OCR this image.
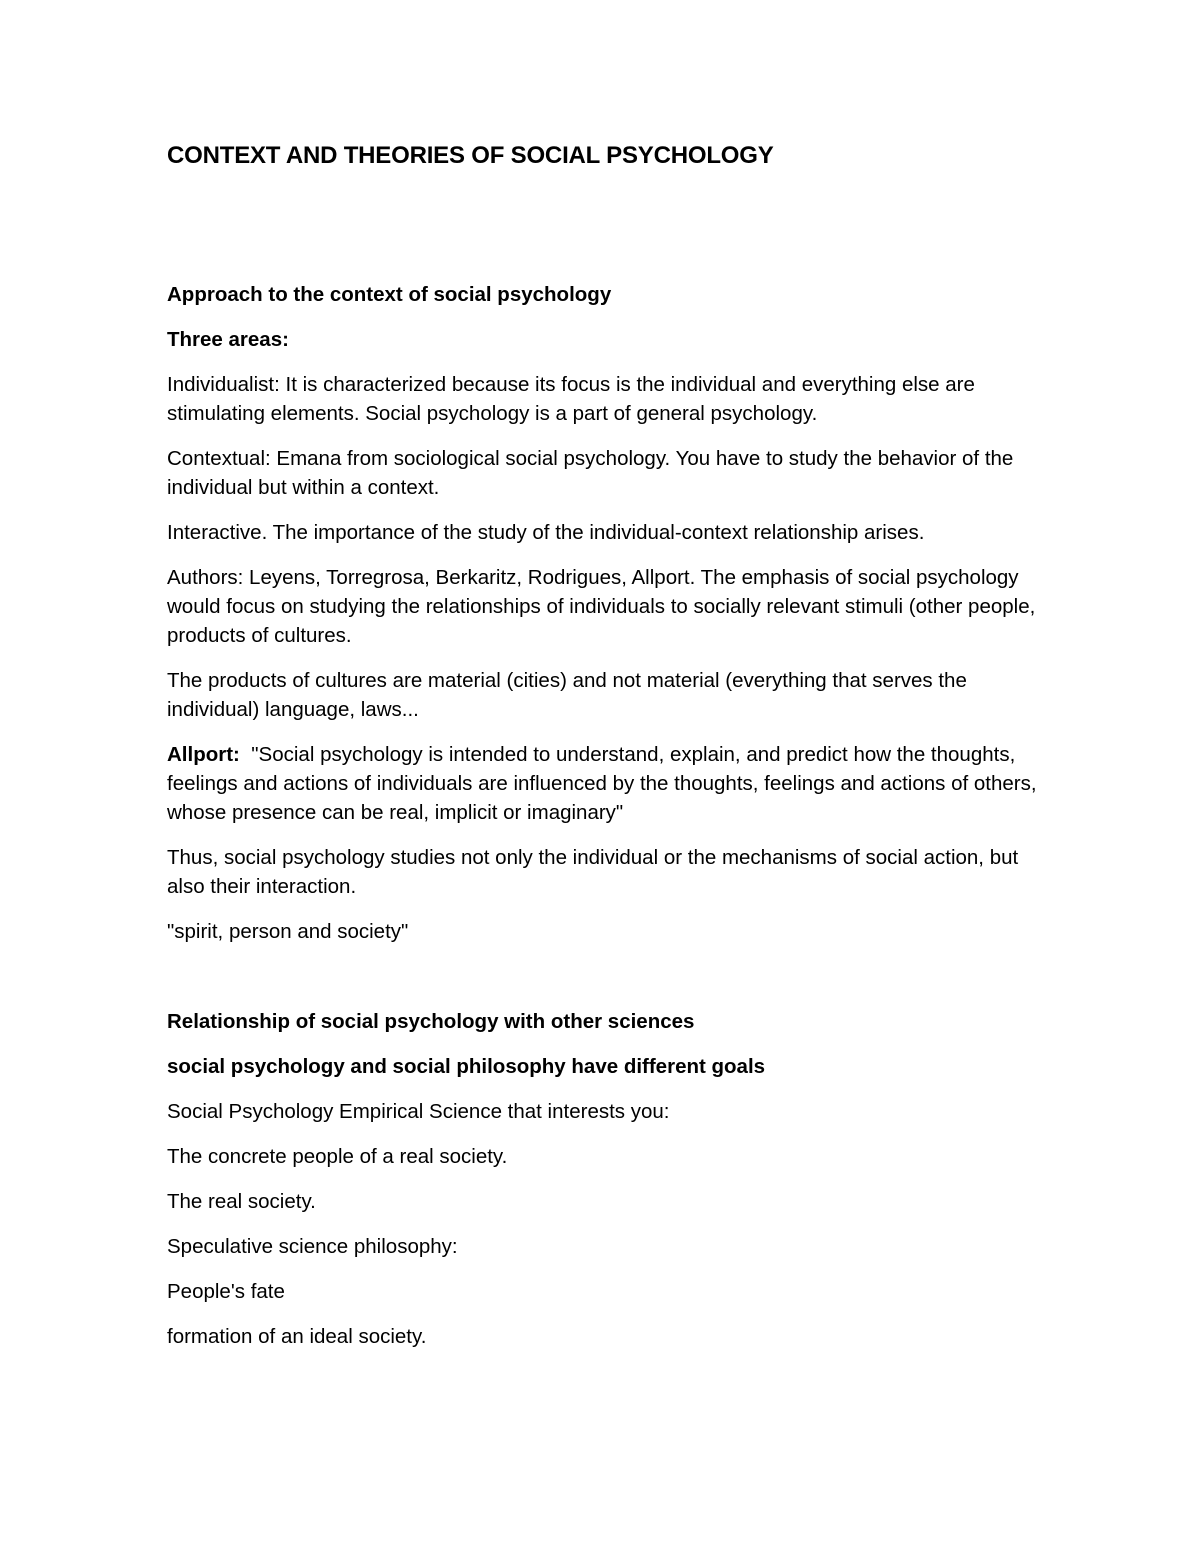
CONTEXT AND THEORIES OF SOCIAL PSYCHOLOGY
Approach to the context of social psychology
Three areas:

Individualist: It is characterized because its focus is the individual and everything else are stimulating elements. Social psychology is a part of general psychology.

Contextual: Emana from sociological social psychology. You have to study the behavior of the individual but within a context.

Interactive. The importance of the study of the individual-context relationship arises.

Authors: Leyens, Torregrosa, Berkaritz, Rodrigues, Allport. The emphasis of social psychology would focus on studying the relationships of individuals to socially relevant stimuli (other people, products of cultures.

The products of cultures are material (cities) and not material (everything that serves the individual) language, laws...

Allport: "Social psychology is intended to understand, explain, and predict how the thoughts, feelings and actions of individuals are influenced by the thoughts, feelings and actions of others, whose presence can be real, implicit or imaginary"

Thus, social psychology studies not only the individual or the mechanisms of social action, but also their interaction.

"spirit, person and society"

Relationship of social psychology with other sciences
social psychology and social philosophy have different goals

Social Psychology Empirical Science that interests you:

The concrete people of a real society.

The real society.

Speculative science philosophy:

People's fate

formation of an ideal society.
